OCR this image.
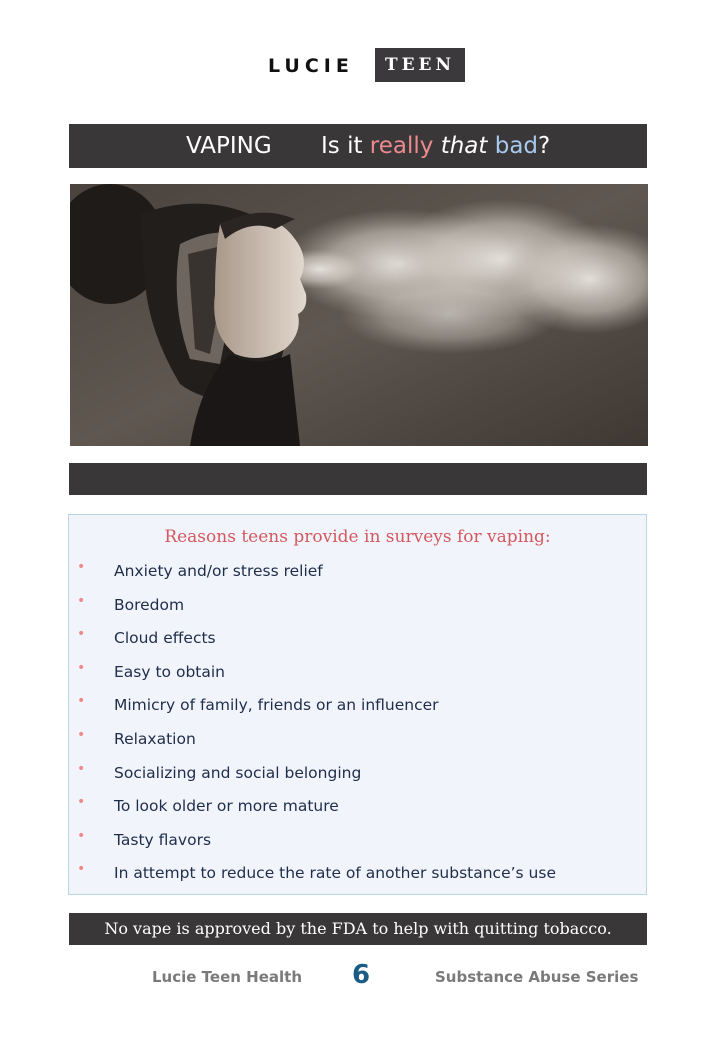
LUCIE	TEEN
VAPING Is it really that bad?
Reasons teens provide in surveys for vaping:
• Anxiety and/or stress relief
• Boredom
• Cloud effects
• Easy to obtain
• Mimicry of family, friends or an influencer
• Relaxation
• Socializing and social belonging
• To look older or more mature
• Tasty flavors
• In attempt to reduce the rate of another substance’s use
No vape is approved by the FDA to help with quitting tobacco.
Lucie Teen Health 6	Substance Abuse Series
